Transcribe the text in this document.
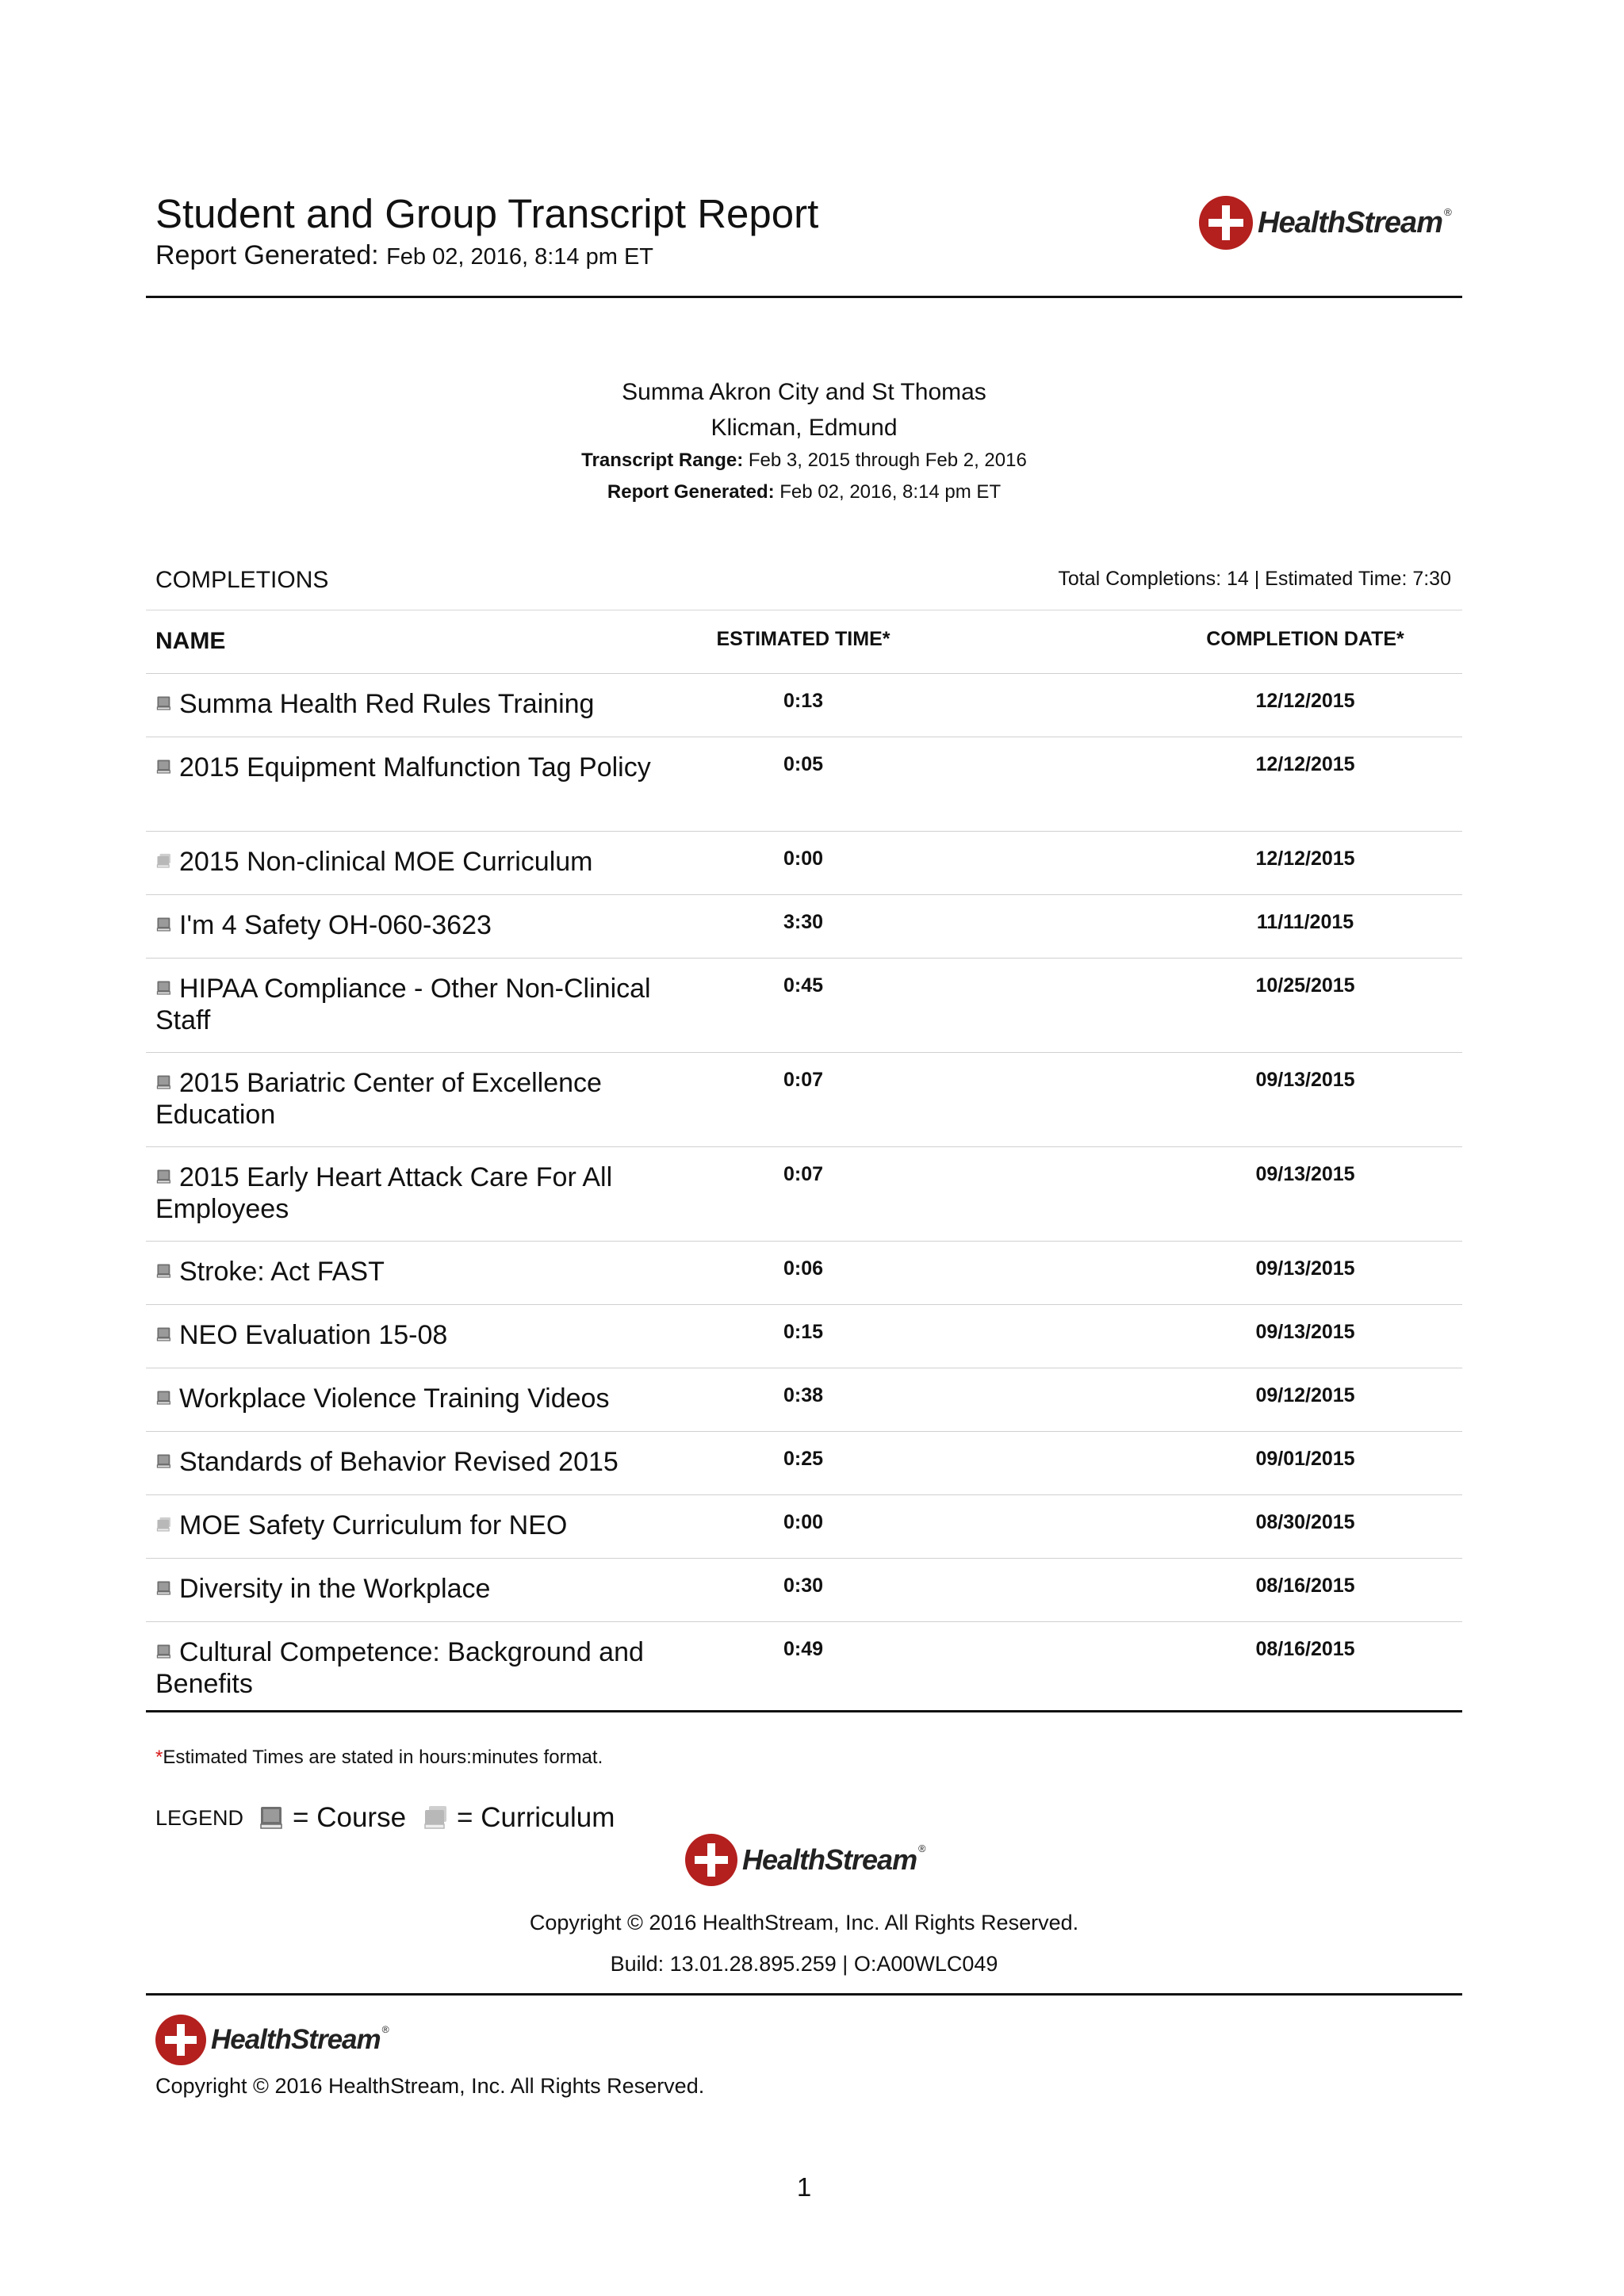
Student and Group Transcript Report
Report Generated: Feb 02, 2016, 8:14 pm ET
HealthStream ®
Summa Akron City and St Thomas
Klicman, Edmund
Transcript Range: Feb 3, 2015 through Feb 2, 2016
Report Generated: Feb 02, 2016, 8:14 pm ET
COMPLETIONS	Total Completions: 14 | Estimated Time: 7:30
NAME	ESTIMATED TIME*	COMPLETION DATE*
Summa Health Red Rules Training	0:13	12/12/2015
2015 Equipment Malfunction Tag Policy	0:05	12/12/2015
2015 Non-clinical MOE Curriculum	0:00	12/12/2015
I'm 4 Safety OH-060-3623	3:30	11/11/2015
HIPAA Compliance - Other Non-Clinical Staff
0:45	10/25/2015
2015 Bariatric Center of Excellence Education
0:07	09/13/2015
2015 Early Heart Attack Care For All Employees
0:07	09/13/2015
Stroke: Act FAST	0:06	09/13/2015
NEO Evaluation 15-08	0:15	09/13/2015
Workplace Violence Training Videos	0:38	09/12/2015
Standards of Behavior Revised 2015	0:25	09/01/2015
MOE Safety Curriculum for NEO	0:00	08/30/2015
Diversity in the Workplace	0:30	08/16/2015
Cultural Competence: Background and Benefits
0:49	08/16/2015
*Estimated Times are stated in hours:minutes format.
LEGEND = Course = Curriculum
HealthStream ®
Copyright © 2016 HealthStream, Inc. All Rights Reserved.
Build: 13.01.28.895.259 | O:A00WLC049
HealthStream ®
Copyright © 2016 HealthStream, Inc. All Rights Reserved.
1
